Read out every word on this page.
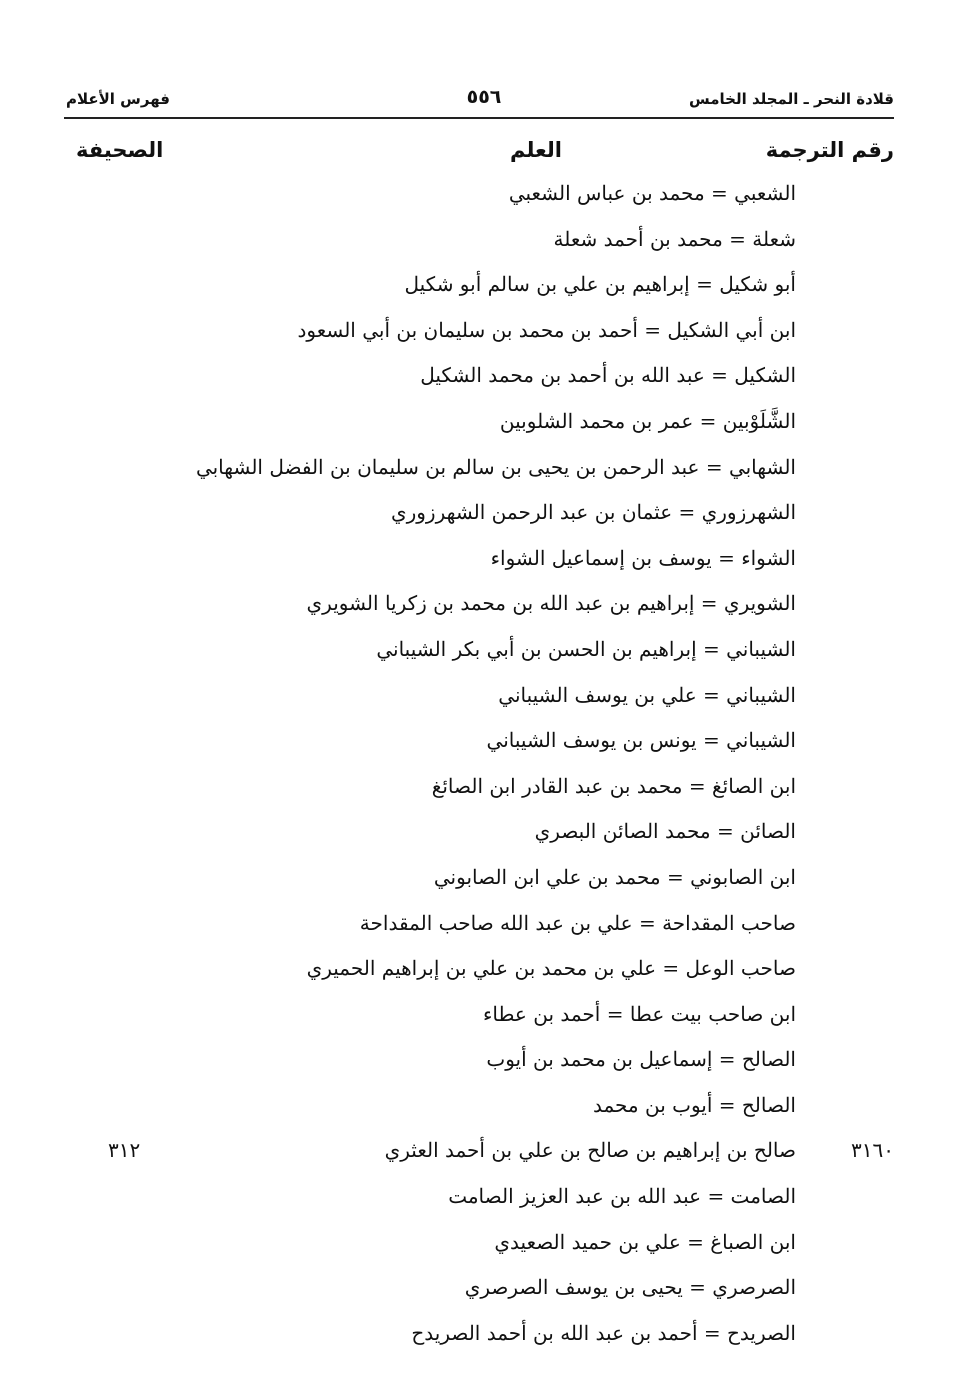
قلادة النحر ـ المجلد الخامس
٥٥٦
فهرس الأعلام
رقم الترجمة
العلم
الصحيفة
الشعبي = محمد بن عباس الشعبي
شعلة = محمد بن أحمد شعلة
أبو شكيل = إبراهيم بن علي بن سالم أبو شكيل
ابن أبي الشكيل = أحمد بن محمد بن سليمان بن أبي السعود
الشكيل = عبد الله بن أحمد بن محمد الشكيل
الشَّلَوْبين = عمر بن محمد الشلوبين
الشهابي = عبد الرحمن بن يحيى بن سالم بن سليمان بن الفضل الشهابي
الشهرزوري = عثمان بن عبد الرحمن الشهرزوري
الشواء = يوسف بن إسماعيل الشواء
الشويري = إبراهيم بن عبد الله بن محمد بن زكريا الشويري
الشيباني = إبراهيم بن الحسن بن أبي بكر الشيباني
الشيباني = علي بن يوسف الشيباني
الشيباني = يونس بن يوسف الشيباني
ابن الصائغ = محمد بن عبد القادر ابن الصائغ
الصائن = محمد الصائن البصري
ابن الصابوني = محمد بن علي ابن الصابوني
صاحب المقداحة = علي بن عبد الله صاحب المقداحة
صاحب الوعل = علي بن محمد بن علي بن إبراهيم الحميري
ابن صاحب بيت عطا = أحمد بن عطاء
الصالح = إسماعيل بن محمد بن أيوب
الصالح = أيوب بن محمد
٣١٦٠
صالح بن إبراهيم بن صالح بن علي بن أحمد العثري
٣١٢
الصامت = عبد الله بن عبد العزيز الصامت
ابن الصباغ = علي بن حميد الصعيدي
الصرصري = يحيى بن يوسف الصرصري
الصريدح = أحمد بن عبد الله بن أحمد الصريدح
